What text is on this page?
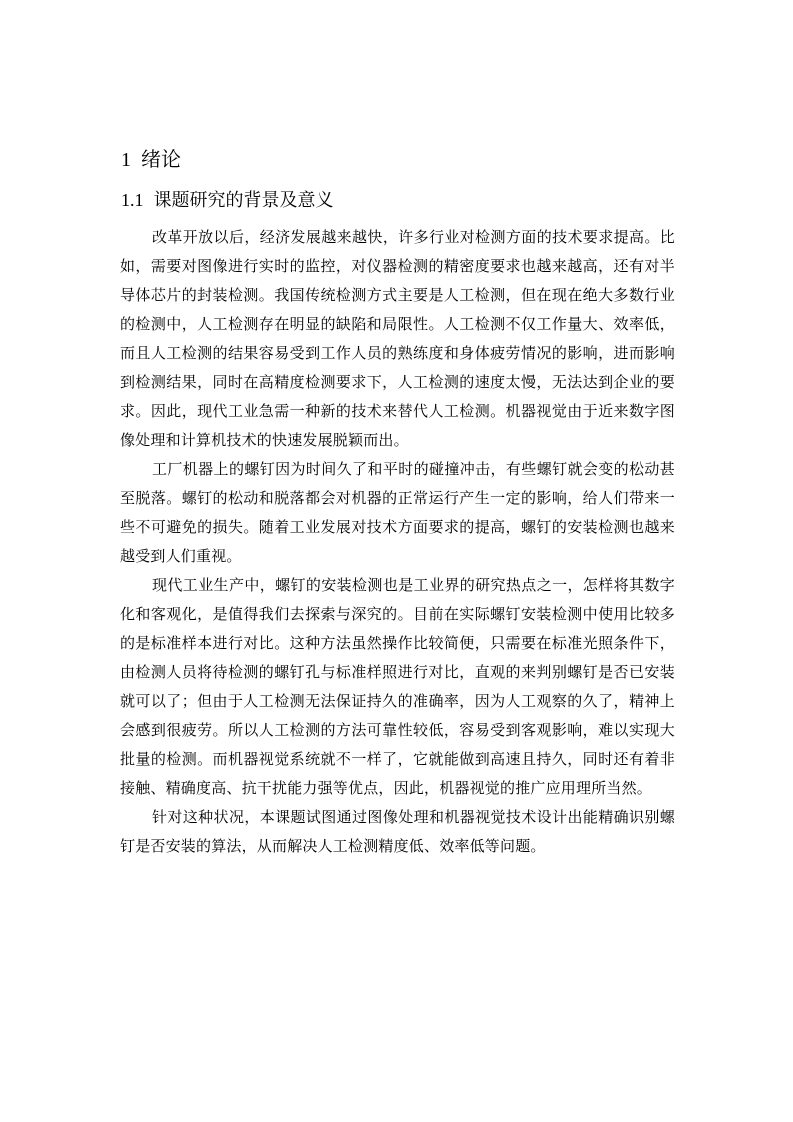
1 绪论
1.1 课题研究的背景及意义

改革开放以后，经济发展越来越快，许多行业对检测方面的技术要求提高。比如，需要对图像进行实时的监控，对仪器检测的精密度要求也越来越高，还有对半导体芯片的封装检测。我国传统检测方式主要是人工检测，但在现在绝大多数行业的检测中，人工检测存在明显的缺陷和局限性。人工检测不仅工作量大、效率低，而且人工检测的结果容易受到工作人员的熟练度和身体疲劳情况的影响，进而影响到检测结果，同时在高精度检测要求下，人工检测的速度太慢，无法达到企业的要求。因此，现代工业急需一种新的技术来替代人工检测。机器视觉由于近来数字图像处理和计算机技术的快速发展脱颖而出。

工厂机器上的螺钉因为时间久了和平时的碰撞冲击，有些螺钉就会变的松动甚至脱落。螺钉的松动和脱落都会对机器的正常运行产生一定的影响，给人们带来一些不可避免的损失。随着工业发展对技术方面要求的提高，螺钉的安装检测也越来越受到人们重视。

现代工业生产中，螺钉的安装检测也是工业界的研究热点之一，怎样将其数字化和客观化，是值得我们去探索与深究的。目前在实际螺钉安装检测中使用比较多的是标准样本进行对比。这种方法虽然操作比较简便，只需要在标准光照条件下，由检测人员将待检测的螺钉孔与标准样照进行对比，直观的来判别螺钉是否已安装就可以了；但由于人工检测无法保证持久的准确率，因为人工观察的久了，精神上会感到很疲劳。所以人工检测的方法可靠性较低，容易受到客观影响，难以实现大批量的检测。而机器视觉系统就不一样了，它就能做到高速且持久，同时还有着非接触、精确度高、抗干扰能力强等优点，因此，机器视觉的推广应用理所当然。

针对这种状况，本课题试图通过图像处理和机器视觉技术设计出能精确识别螺钉是否安装的算法，从而解决人工检测精度低、效率低等问题。
